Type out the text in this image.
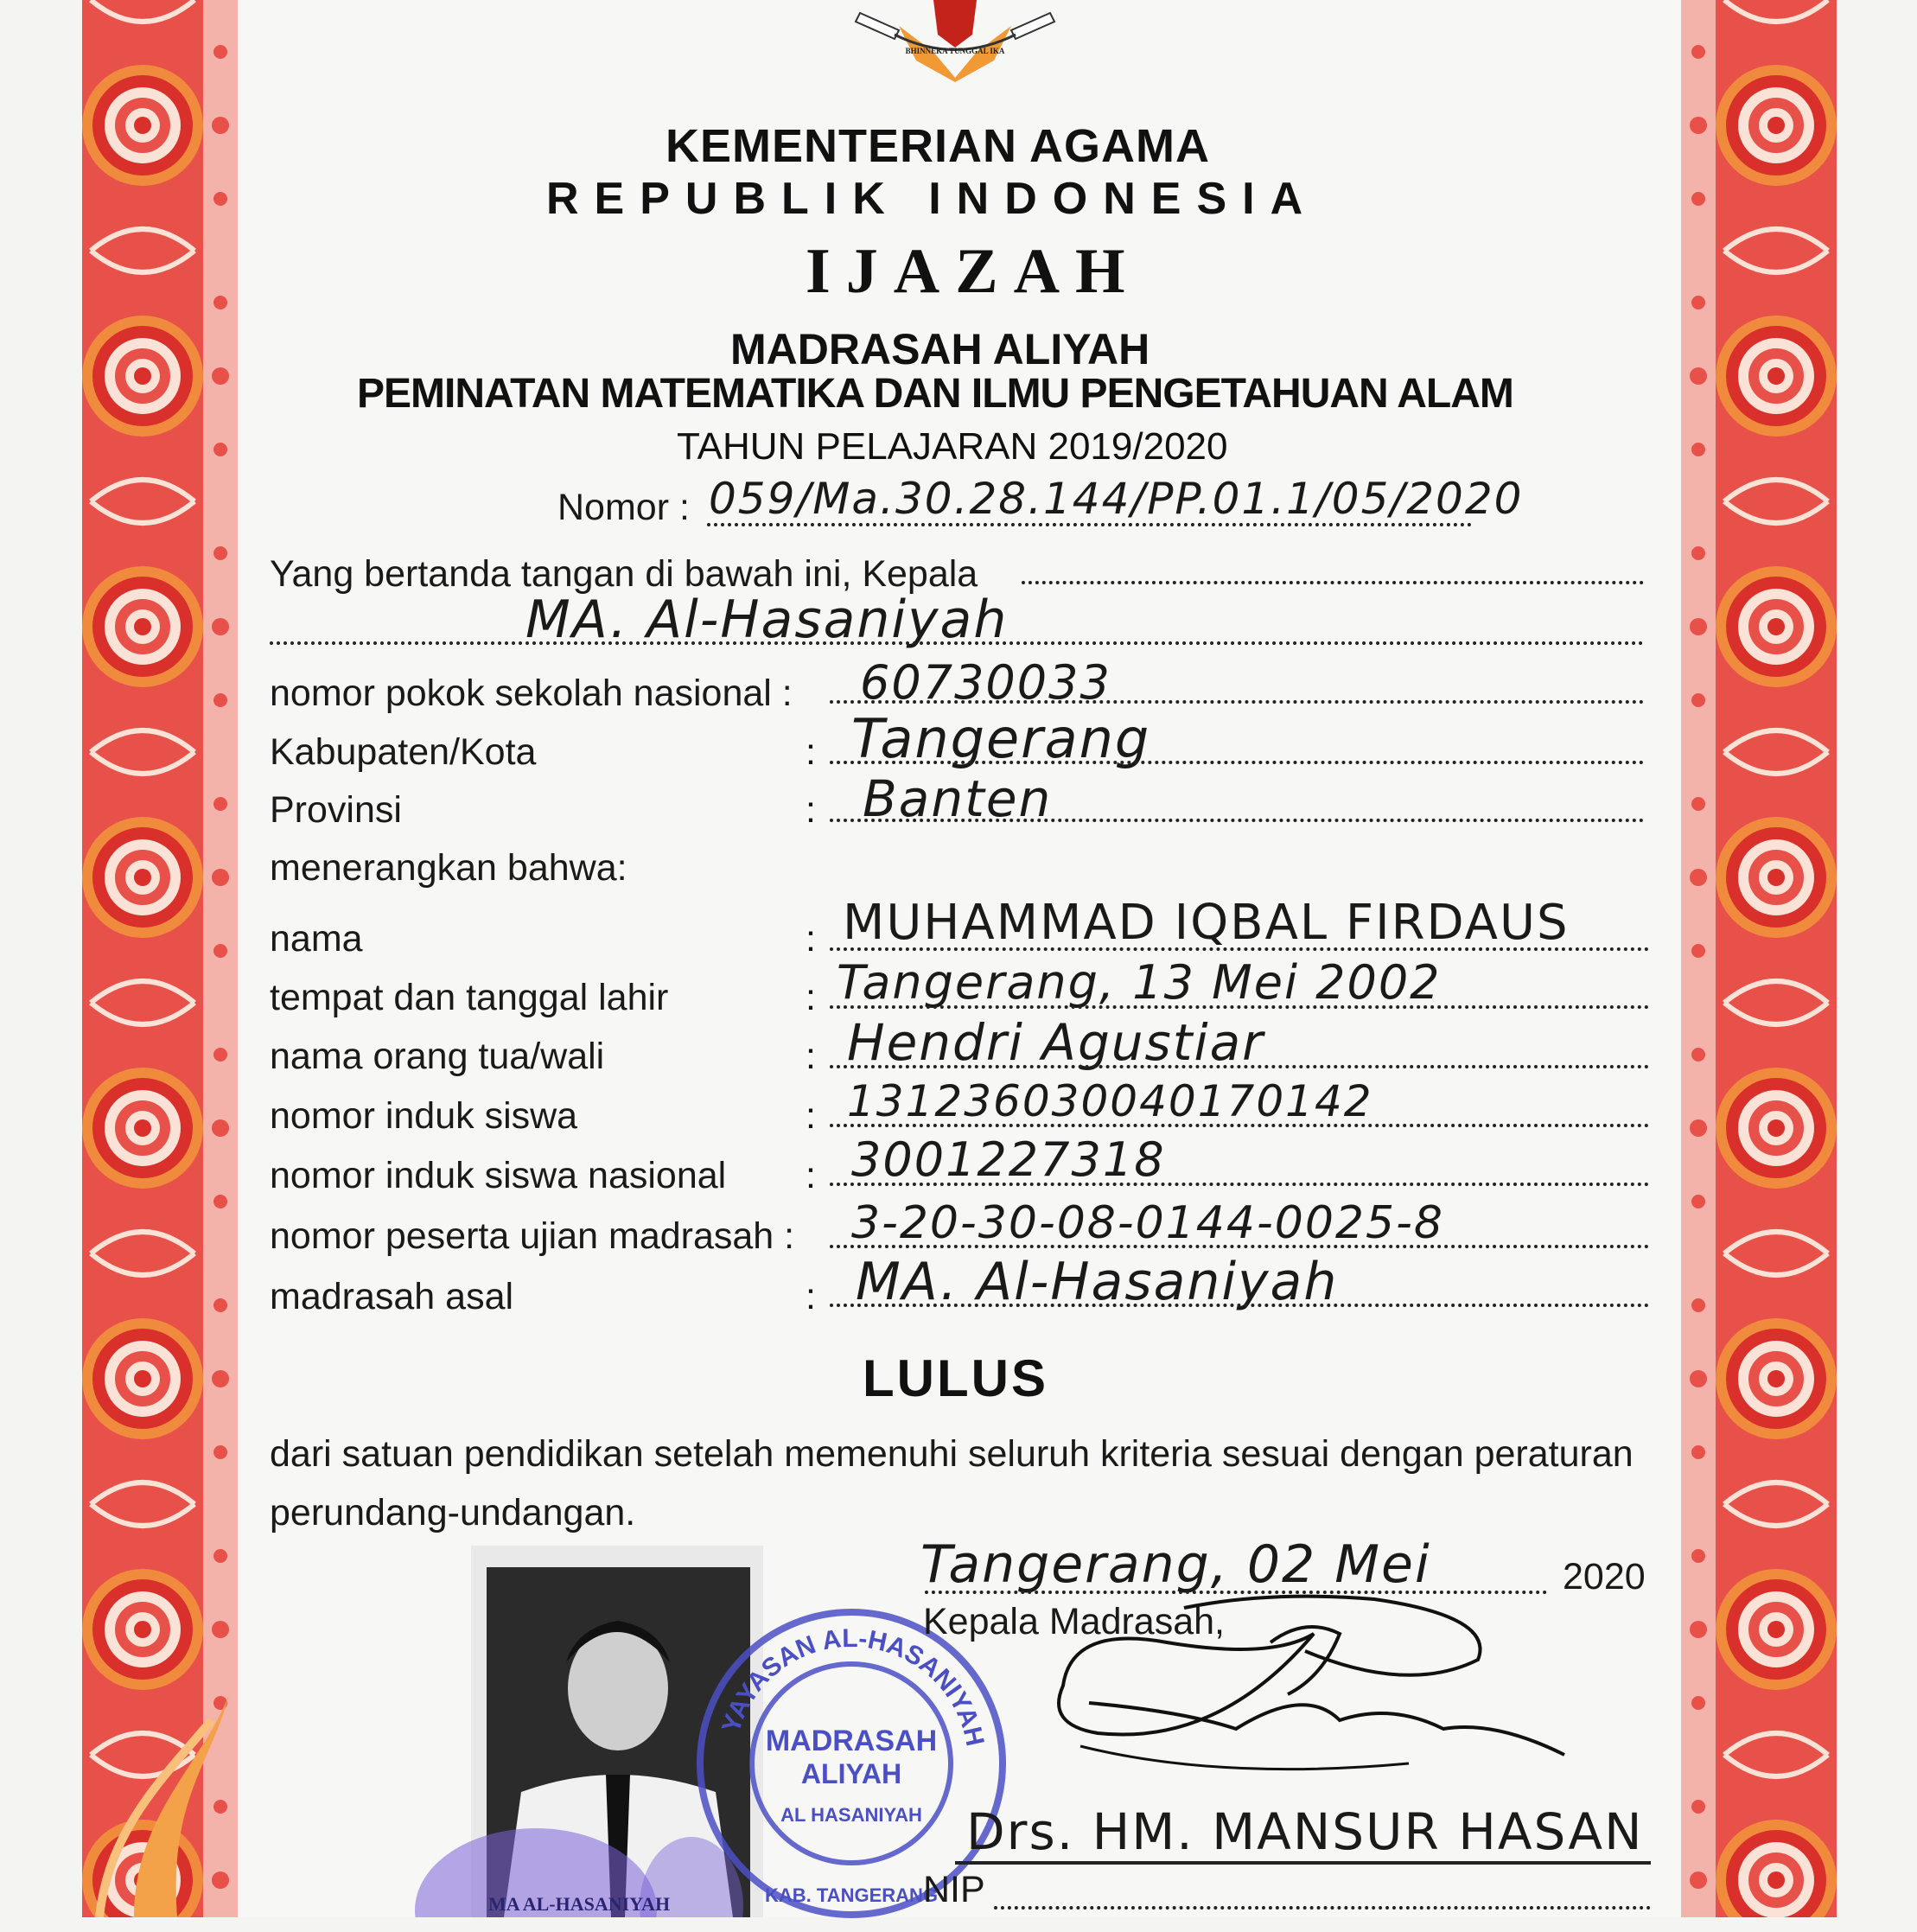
BHINNEKA TUNGGAL IKA
KEMENTERIAN AGAMA
REPUBLIK INDONESIA
IJAZAH
MADRASAH ALIYAH
PEMINATAN MATEMATIKA DAN ILMU PENGETAHUAN ALAM
TAHUN PELAJARAN 2019/2020
Nomor : 059/Ma.30.28.144/PP.01.1/05/2020
Yang bertanda tangan di bawah ini, Kepala
MA. Al-Hasaniyah
nomor pokok sekolah nasional : 60730033
Kabupaten/Kota	: Tangerang
Provinsi	: Banten
menerangkan bahwa:
nama	: MUHAMMAD IQBAL FIRDAUS
tempat dan tanggal lahir	: Tangerang, 13 Mei 2002
nama orang tua/wali	: Hendri Agustiar
nomor induk siswa	: 131236030040170142
nomor induk siswa nasional : 3001227318
nomor peserta ujian madrasah : 3-20-30-08-0144-0025-8
madrasah asal	: MA. Al-Hasaniyah
LULUS
dari satuan pendidikan setelah memenuhi seluruh kriteria sesuai dengan peraturan
perundang-undangan.
YAYASAN AL-HASANIYAH
MADRASAH
ALIYAH
AL HASANIYAH
KAB. TANGERANG
MA AL-HASANIYAH
Tangerang, 02 Mei	2020
Kepala Madrasah,
Drs. HM. MANSUR HASAN
NIP
